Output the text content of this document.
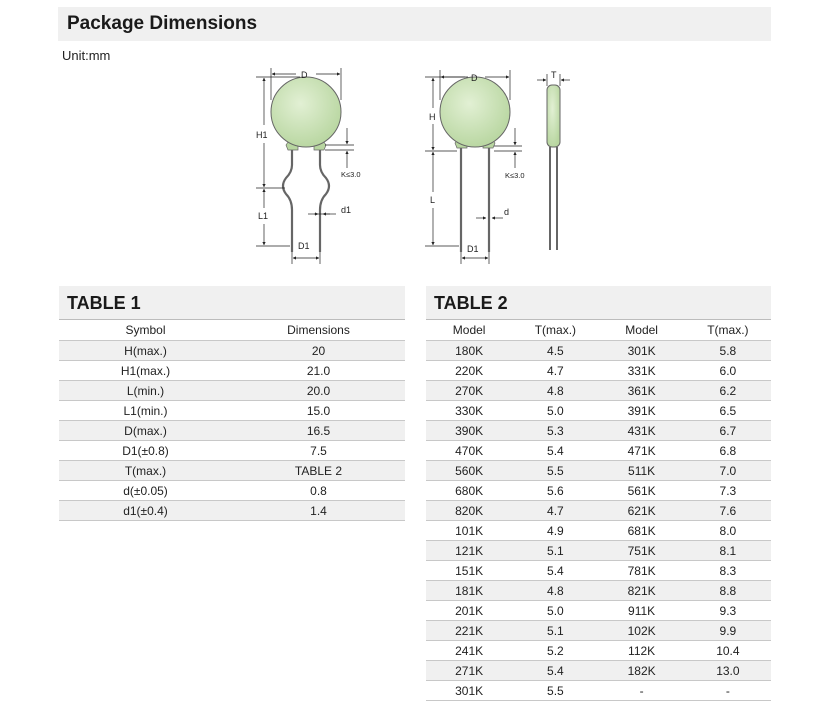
Package Dimensions
Unit:mm
D
H1
L1
K≤3.0
d1
D1
D
H
L
K≤3.0
d
D1
T
TABLE 1
Symbol	Dimensions
H(max.)	20
H1(max.)	21.0
L(min.)	20.0
L1(min.)	15.0
D(max.)	16.5
D1(±0.8)	7.5
T(max.)	TABLE 2
d(±0.05)	0.8
d1(±0.4)	1.4
TABLE 2
Model	T(max.)	Model	T(max.)
180K	4.5	301K	5.8
220K	4.7	331K	6.0
270K	4.8	361K	6.2
330K	5.0	391K	6.5
390K	5.3	431K	6.7
470K	5.4	471K	6.8
560K	5.5	511K	7.0
680K	5.6	561K	7.3
820K	4.7	621K	7.6
101K	4.9	681K	8.0
121K	5.1	751K	8.1
151K	5.4	781K	8.3
181K	4.8	821K	8.8
201K	5.0	911K	9.3
221K	5.1	102K	9.9
241K	5.2	112K	10.4
271K	5.4	182K	13.0
301K	5.5	-	-
